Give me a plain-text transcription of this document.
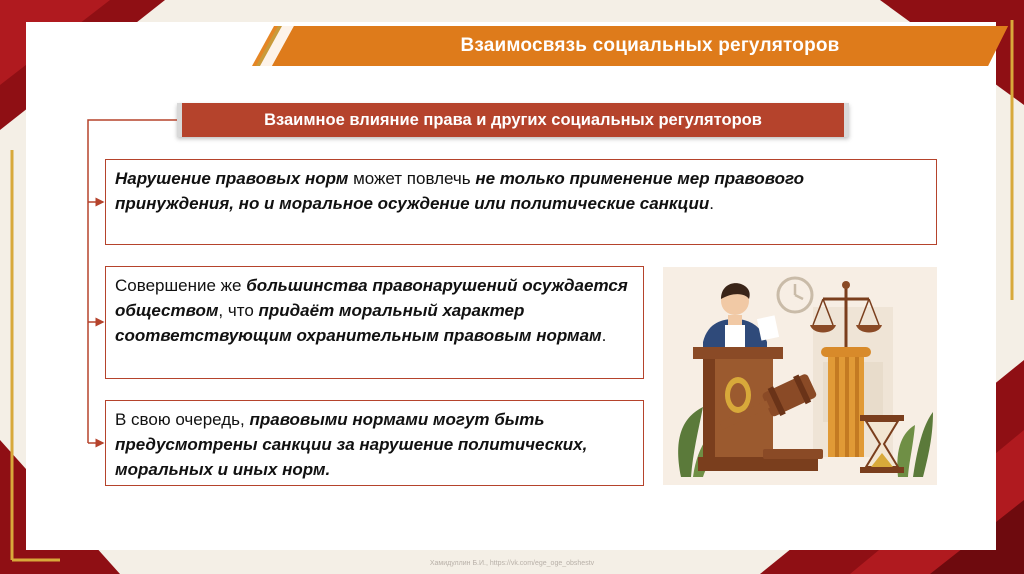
Взаимосвязь социальных регуляторов
Взаимное влияние права и других социальных регуляторов
Нарушение правовых норм может повлечь не только применение мер правового принуждения, но и моральное осуждение или политические санкции.
Совершение же большинства правонарушений осуждается обществом, что придаёт моральный характер соответствующим охранительным правовым нормам.
В свою очередь, правовыми нормами могут быть предусмотрены санкции за нарушение политических, моральных и иных норм.
Хамидуллин Б.И., https://vk.com/ege_oge_obshestv
